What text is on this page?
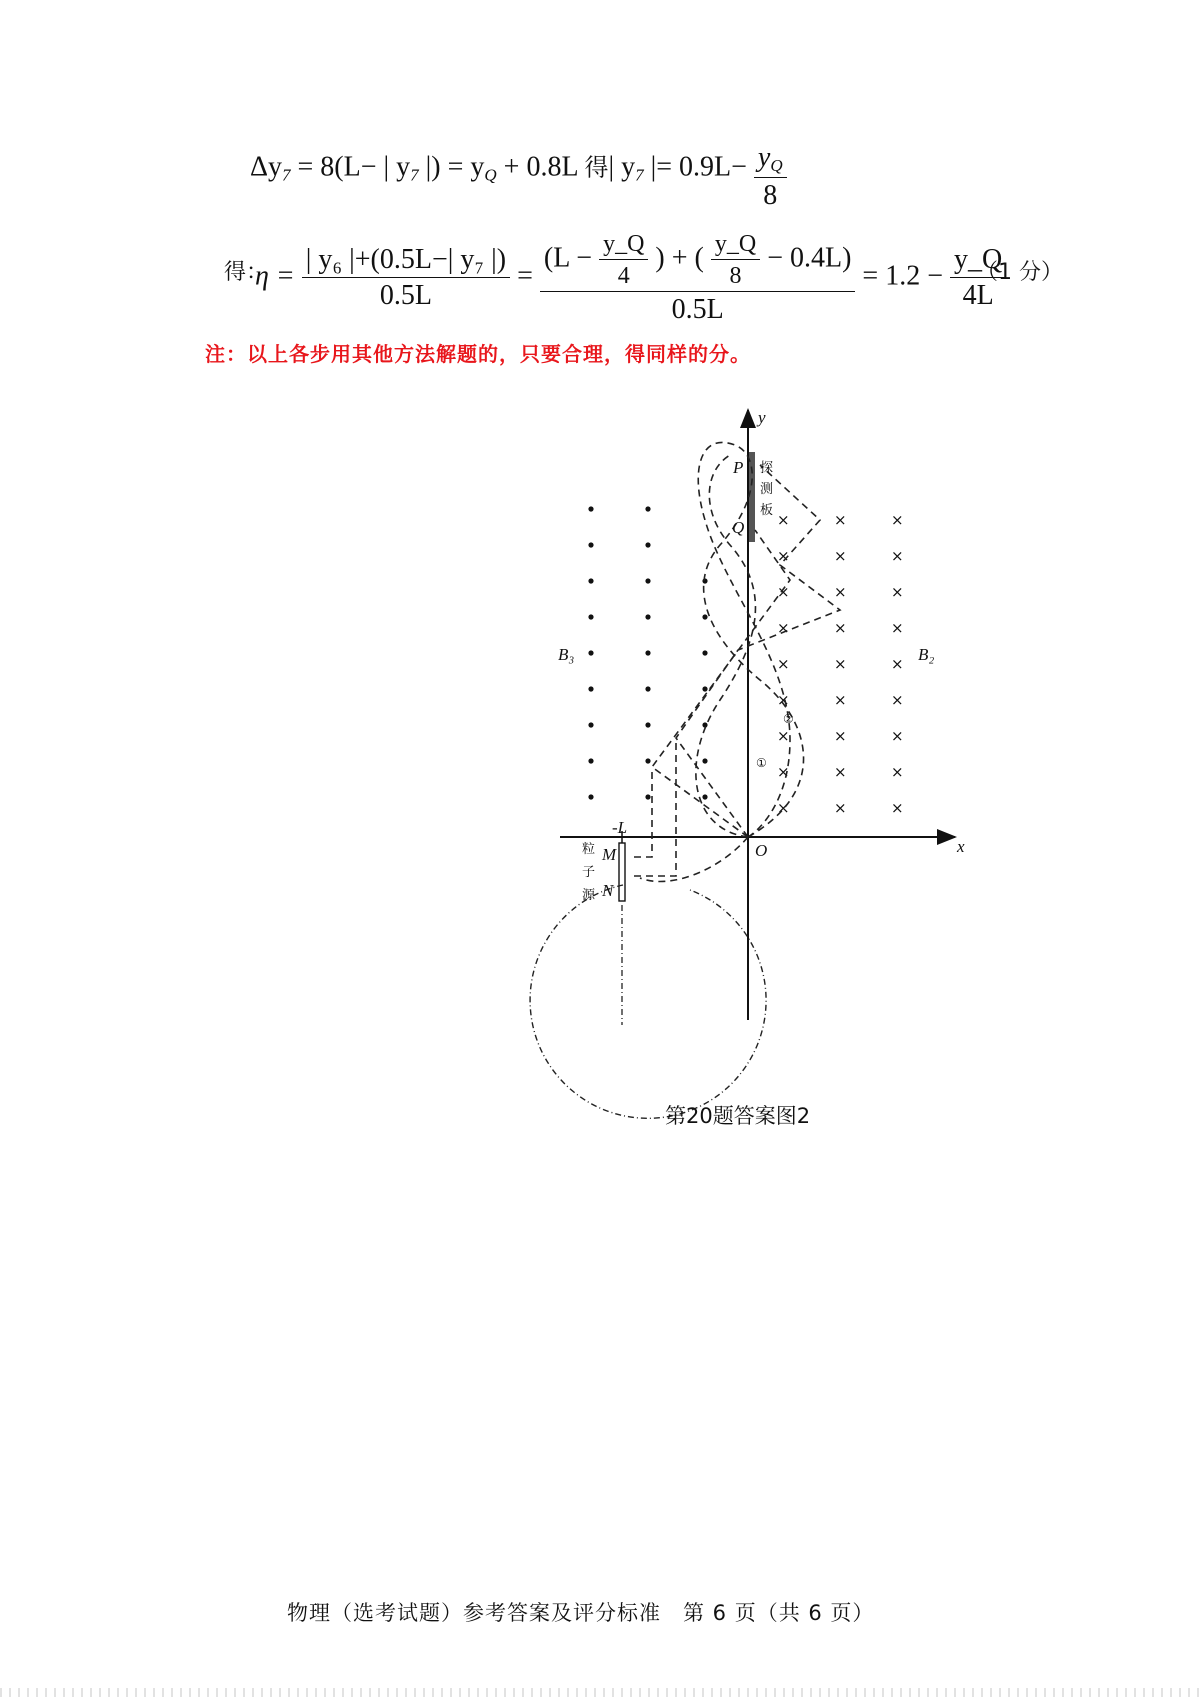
$\Delta y_7 = 8(L-$ | $y_7$ |) = $y_Q + 0.8L$ 得| $y_7$ |= $0.9L- \frac{y_Q}{8}$
得：
$\eta = \frac{\text{| y₆ |+(0.5L−| y₇ |)}}{0.5L} = \frac{(L - \frac{y\_Q}{4} ) + ( \frac{y\_Q}{8} - 0.4L)}{0.5L} = 1.2 - \frac{y\_Q}{4L}$
（1 分）
注：以上各步用其他方法解题的，只要合理，得同样的分。
×	×	×
×	×	×
×	×	×
×	×	×
×	×	×
×	×	×
×	×	×
×	×	×
×	×	×
y
x
O
P
Q
-L
M
N
B₃	B₂
①
②
探
测
板
粒
子
源
第20题答案图2
物理（选考试题）参考答案及评分标准　第 6 页（共 6 页）
